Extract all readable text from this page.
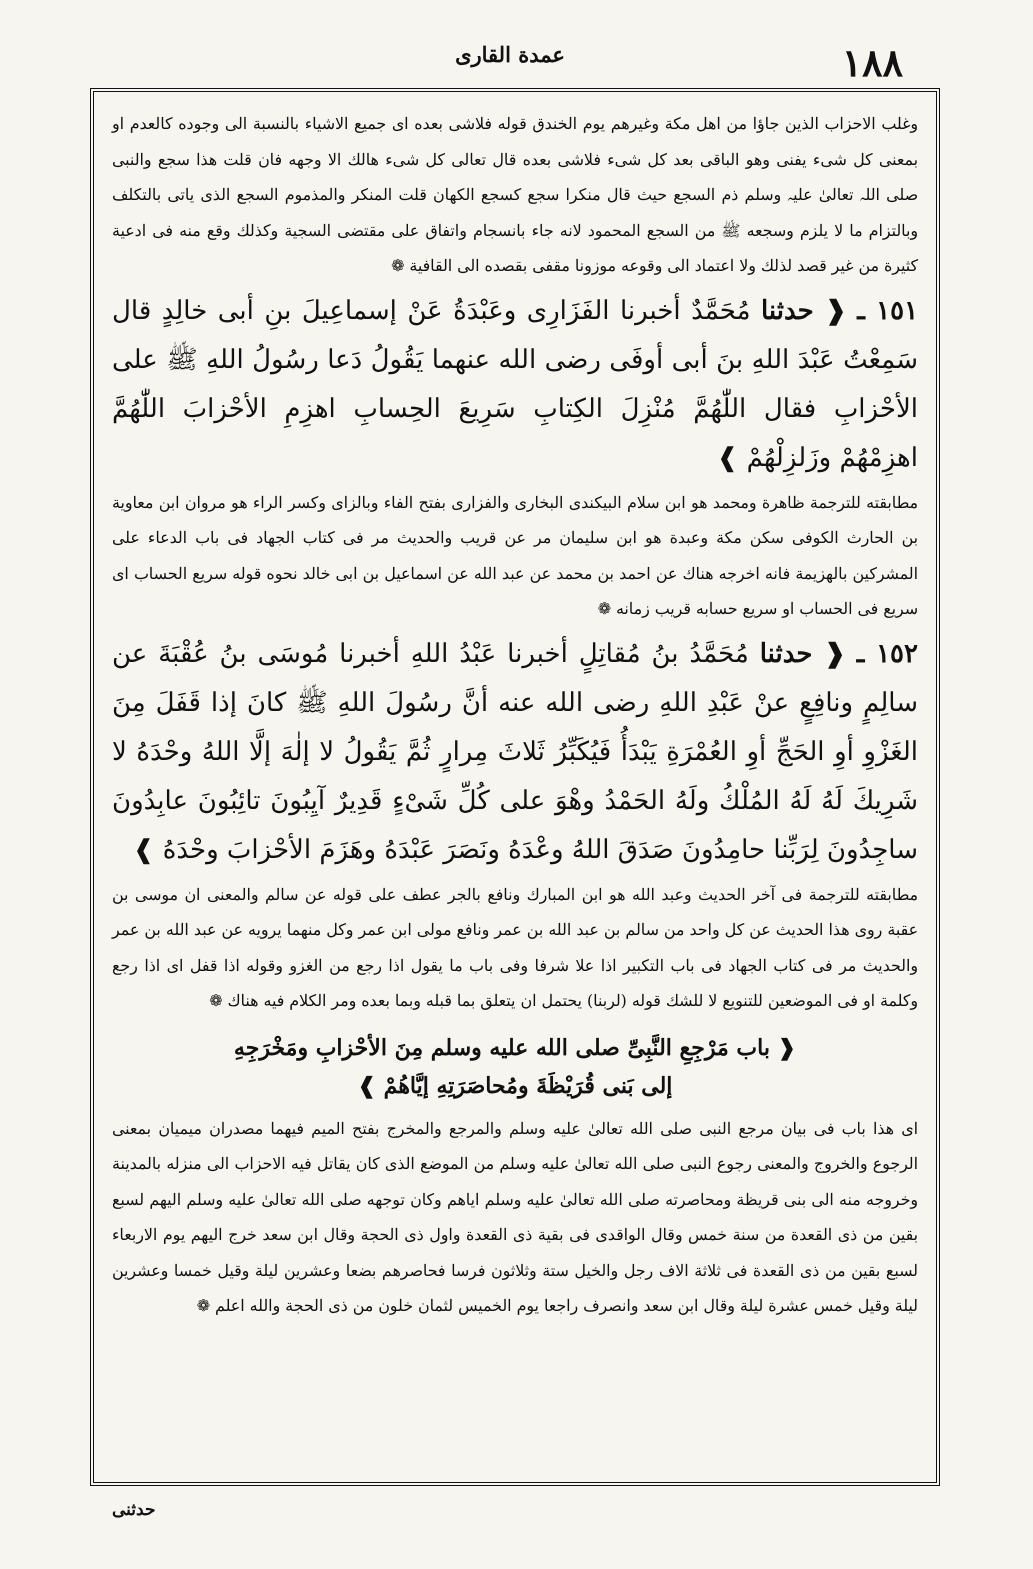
١٨٨
عمدة القاری

وغلب الاحزاب الذين جاؤا من اهل مكة وغيرهم يوم الخندق قوله فلاشی بعده ای جميع الاشياء بالنسبة الى وجوده كالعدم او بمعنى كل شیء يفنى وهو الباقی بعد كل شیء فلاشی بعده قال تعالى كل شیء هالك الا وجهه فان قلت هذا سجع والنبی صلی اللہ تعالیٰ علیہ وسلم ذم السجع حيث قال منكرا سجع كسجع الكهان قلت المنكر والمذموم السجع الذی ياتی بالتكلف وبالتزام ما لا يلزم وسجعه ﷺ من السجع المحمود لانه جاء بانسجام واتفاق على مقتضى السجية وكذلك وقع منه فی ادعية كثيرة من غير قصد لذلك ولا اعتماد الى وقوعه موزونا مقفى بقصده الى القافية ❁

١٥١ ـ ❰ حدثنا مُحَمَّدٌ أخبرنا الفَزَارِی وعَبْدَةُ عَنْ إسماعِيلَ بنِ أبی خالِدٍ قال سَمِعْتُ عَبْدَ اللهِ بنَ أبی أوفَى رضی الله عنهما يَقُولُ دَعا رسُولُ اللهِ ﷺ على الأحْزابِ فقال اللّٰهُمَّ مُنْزِلَ الكِتابِ سَرِيعَ الحِسابِ اهزِمِ الأحْزابَ اللّٰهُمَّ اهزِمْهُمْ وزَلزِلْهُمْ ❱

مطابقته للترجمة ظاهرة ومحمد هو ابن سلام البيكندی البخاری والفزاری بفتح الفاء وبالزای وكسر الراء هو مروان ابن معاوية بن الحارث الكوفی سكن مكة وعبدة هو ابن سليمان مر عن قريب والحديث مر فی كتاب الجهاد فی باب الدعاء على المشركين بالهزيمة فانه اخرجه هناك عن احمد بن محمد عن عبد الله عن اسماعيل بن ابی خالد نحوه قوله سريع الحساب ای سريع فی الحساب او سريع حسابه قريب زمانه ❁

١٥٢ ـ ❰ حدثنا مُحَمَّدُ بنُ مُقاتِلٍ أخبرنا عَبْدُ اللهِ أخبرنا مُوسَى بنُ عُقْبَةَ عن سالِمٍ ونافِعٍ عنْ عَبْدِ اللهِ رضی الله عنه أنَّ رسُولَ اللهِ ﷺ كانَ إذا قَفَلَ مِنَ الغَزْوِ أوِ الحَجِّ أوِ العُمْرَةِ يَبْدَأُ فَيُكَبِّرُ ثَلاثَ مِرارٍ ثُمَّ يَقُولُ لا إلٰهَ إلَّا اللهُ وحْدَهُ لا شَرِيكَ لَهُ لَهُ المُلْكُ ولَهُ الحَمْدُ وهْوَ على كُلِّ شَیْءٍ قَدِيرٌ آيِبُونَ تائِبُونَ عابِدُونَ ساجِدُونَ لِرَبِّنا حامِدُونَ صَدَقَ اللهُ وعْدَهُ ونَصَرَ عَبْدَهُ وهَزَمَ الأحْزابَ وحْدَهُ ❱

مطابقته للترجمة فی آخر الحديث وعبد الله هو ابن المبارك ونافع بالجر عطف على قوله عن سالم والمعنى ان موسى بن عقبة روى هذا الحديث عن كل واحد من سالم بن عبد الله بن عمر ونافع مولى ابن عمر وكل منهما يرويه عن عبد الله بن عمر والحديث مر فی كتاب الجهاد فی باب التكبير اذا علا شرفا وفی باب ما يقول اذا رجع من الغزو وقوله اذا قفل ای اذا رجع وكلمة او فی الموضعين للتنويع لا للشك قوله (لربنا) يحتمل ان يتعلق بما قبله وبما بعده ومر الكلام فيه هناك ❁

❰ باب مَرْجِعِ النَّبِیِّ صلی الله عليه وسلم مِنَ الأحْزابِ ومَخْرَجِهِ
إلى بَنی قُرَيْظَةَ ومُحاصَرَتِهِ إيَّاهُمْ ❱

ای هذا باب فی بيان مرجع النبی صلی الله تعالیٰ عليه وسلم والمرجع والمخرج بفتح الميم فيهما مصدران ميميان بمعنى الرجوع والخروج والمعنى رجوع النبی صلی الله تعالیٰ عليه وسلم من الموضع الذی كان يقاتل فيه الاحزاب الى منزله بالمدينة وخروجه منه الى بنی قريظة ومحاصرته صلی الله تعالیٰ عليه وسلم اياهم وكان توجهه صلی الله تعالیٰ عليه وسلم اليهم لسبع بقين من ذی القعدة من سنة خمس وقال الواقدی فی بقية ذی القعدة واول ذی الحجة وقال ابن سعد خرج اليهم يوم الاربعاء لسبع بقين من ذی القعدة فی ثلاثة الاف رجل والخيل ستة وثلاثون فرسا فحاصرهم بضعا وعشرين ليلة وقيل خمسا وعشرين ليلة وقيل خمس عشرة ليلة وقال ابن سعد وانصرف راجعا يوم الخميس لثمان خلون من ذی الحجة والله اعلم ❁

حدثنی
